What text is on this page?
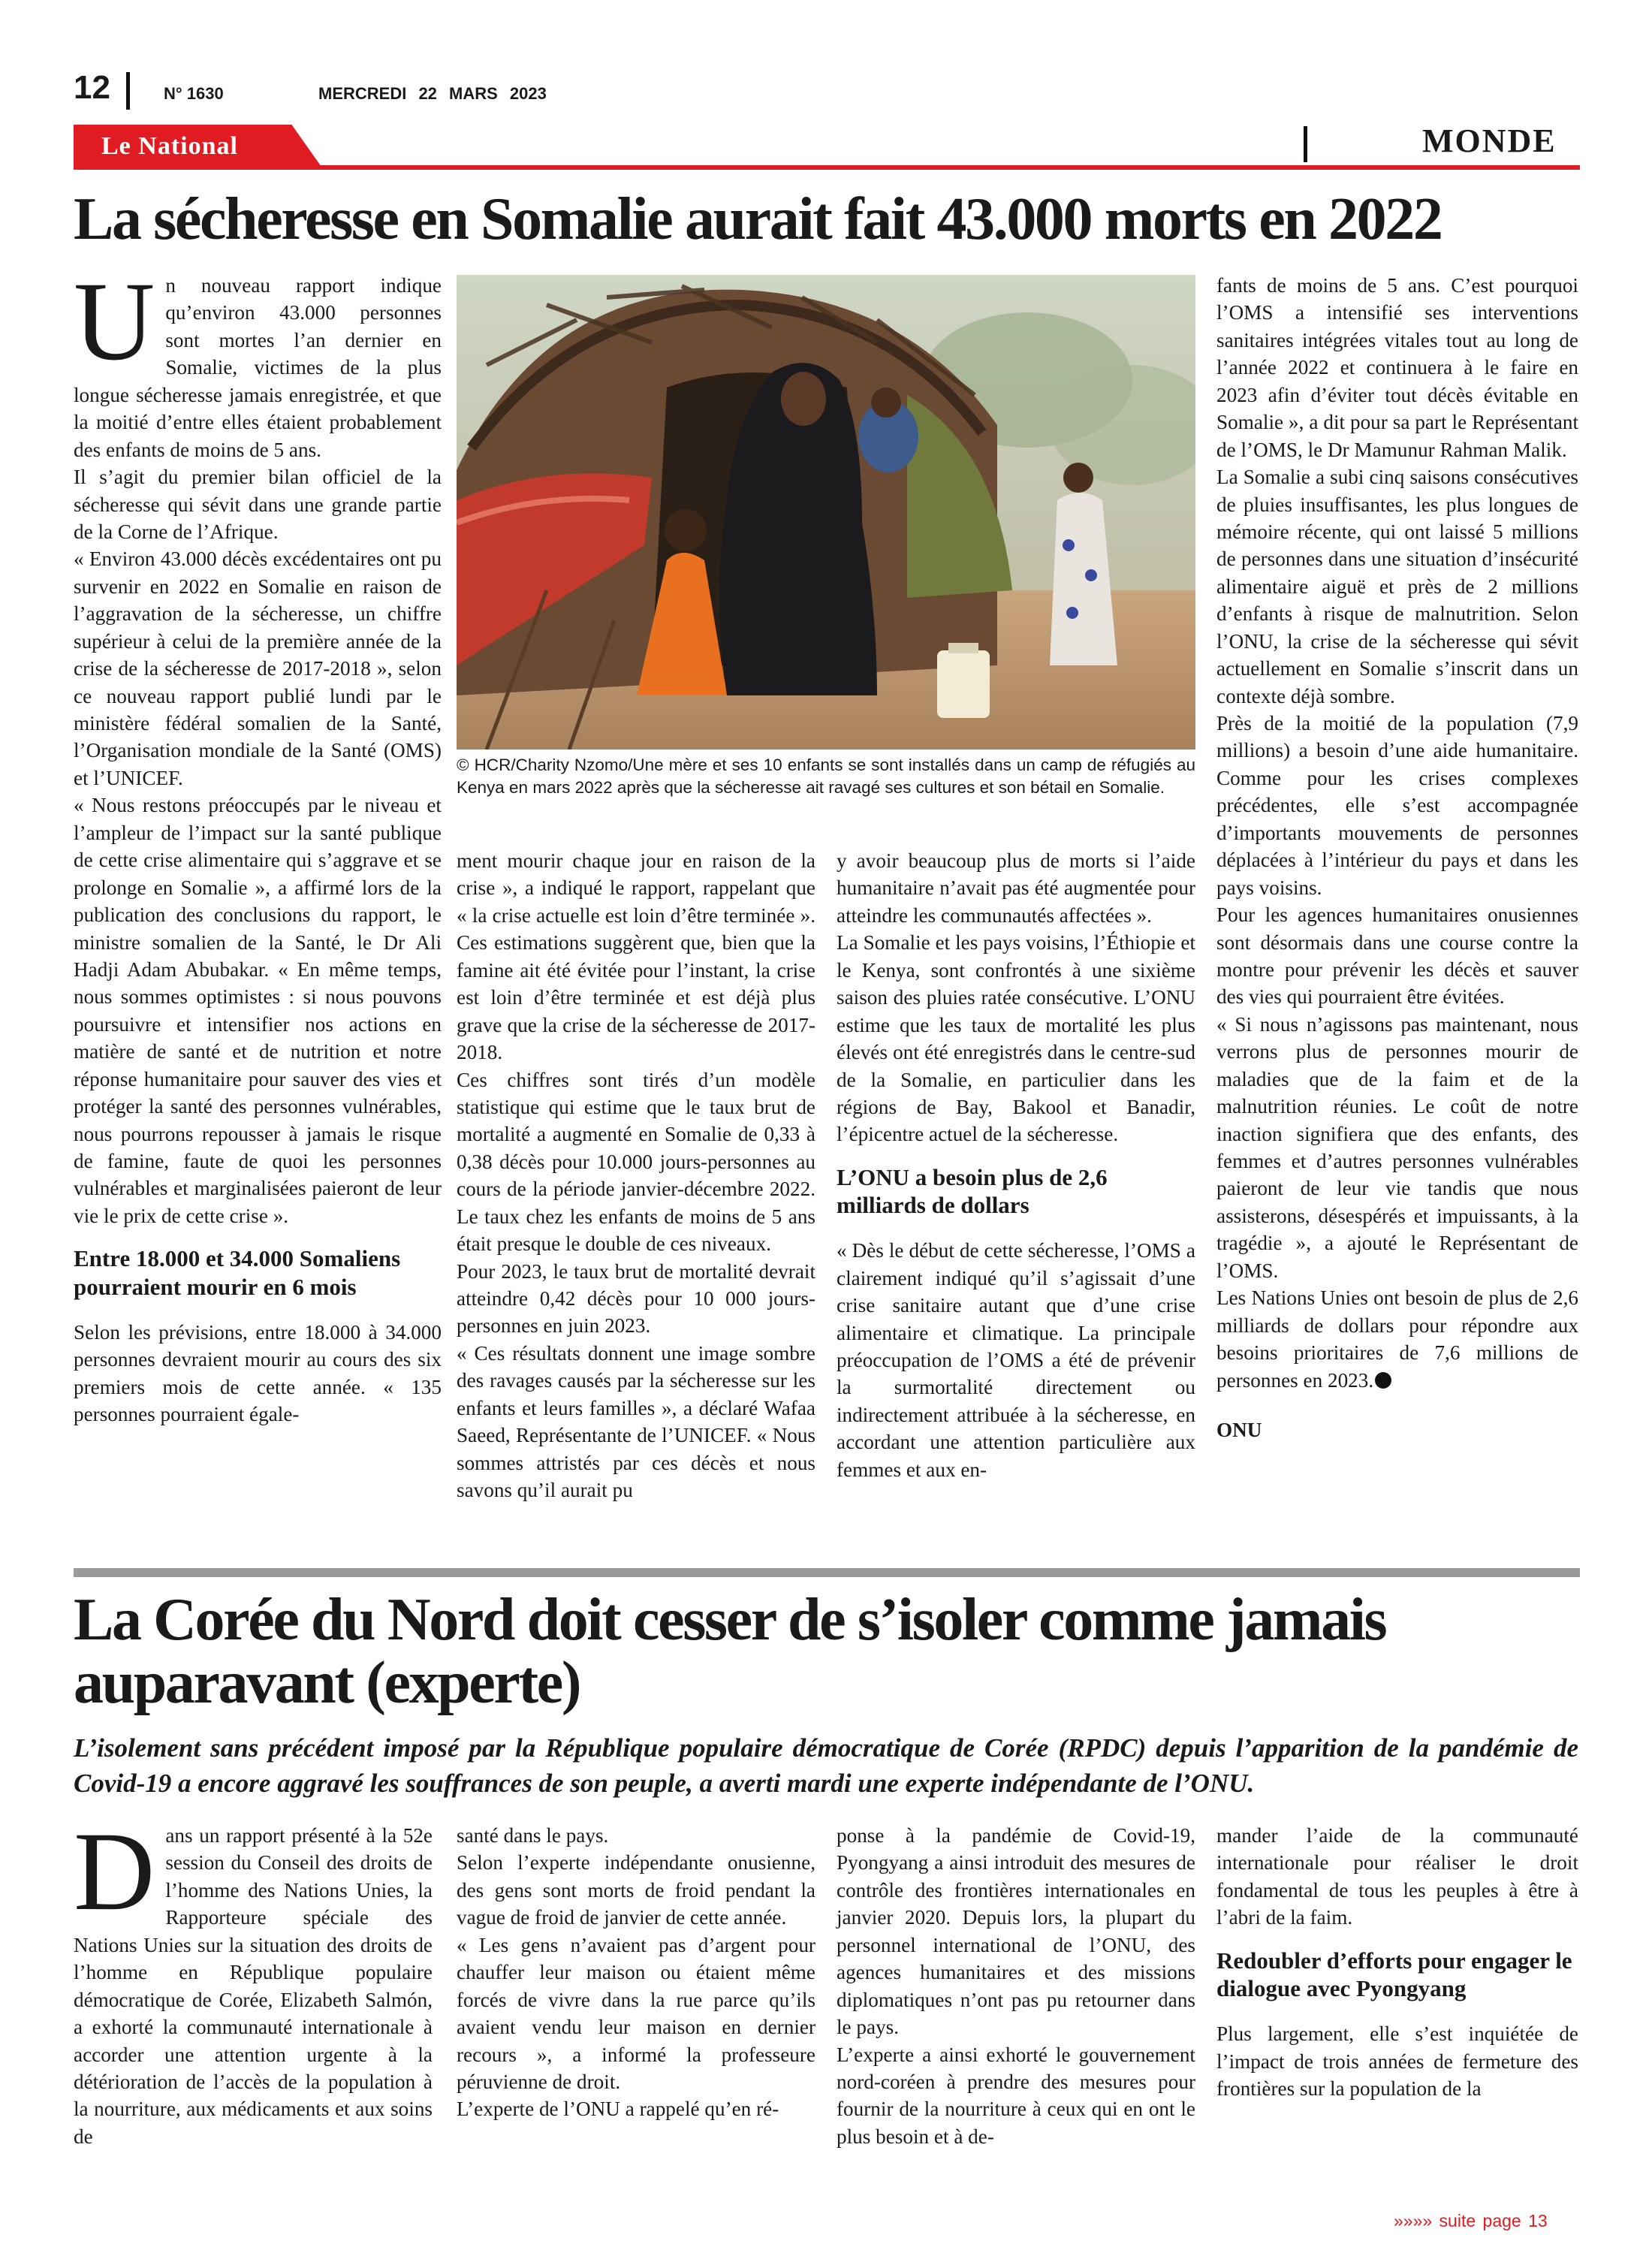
12	N° 1630	MERCREDI 22 MARS 2023
Le National	MONDE
La sécheresse en Somalie aurait fait 43.000 morts en 2022

Un nouveau rapport indique qu’environ 43.000 personnes sont mortes l’an dernier en Somalie, victimes de la plus longue sécheresse jamais enregistrée, et que la moitié d’entre elles étaient probablement des enfants de moins de 5 ans.

Il s’agit du premier bilan officiel de la sécheresse qui sévit dans une grande partie de la Corne de l’Afrique.

« Environ 43.000 décès excédentaires ont pu survenir en 2022 en Somalie en raison de l’aggravation de la sécheresse, un chiffre supérieur à celui de la première année de la crise de la sécheresse de 2017-2018 », selon ce nouveau rapport publié lundi par le ministère fédéral somalien de la Santé, l’Organisation mondiale de la Santé (OMS) et l’UNICEF.

« Nous restons préoccupés par le niveau et l’ampleur de l’impact sur la santé publique de cette crise alimentaire qui s’aggrave et se prolonge en Somalie », a affirmé lors de la publication des conclusions du rapport, le ministre somalien de la Santé, le Dr Ali Hadji Adam Abubakar. « En même temps, nous sommes optimistes : si nous pouvons poursuivre et intensifier nos actions en matière de santé et de nutrition et notre réponse humanitaire pour sauver des vies et protéger la santé des personnes vulnérables, nous pourrons repousser à jamais le risque de famine, faute de quoi les personnes vulnérables et marginalisées paieront de leur vie le prix de cette crise ».

Entre 18.000 et 34.000 Somaliens pourraient mourir en 6 mois

Selon les prévisions, entre 18.000 à 34.000 personnes devraient mourir au cours des six premiers mois de cette année. « 135 personnes pourraient égale-

© HCR/Charity Nzomo/Une mère et ses 10 enfants se sont installés dans un camp de réfugiés au Kenya en mars 2022 après que la sécheresse ait ravagé ses cultures et son bétail en Somalie.

ment mourir chaque jour en raison de la crise », a indiqué le rapport, rappelant que « la crise actuelle est loin d’être terminée ». Ces estimations suggèrent que, bien que la famine ait été évitée pour l’instant, la crise est loin d’être terminée et est déjà plus grave que la crise de la sécheresse de 2017-2018.

Ces chiffres sont tirés d’un modèle statistique qui estime que le taux brut de mortalité a augmenté en Somalie de 0,33 à 0,38 décès pour 10.000 jours-personnes au cours de la période janvier-décembre 2022. Le taux chez les enfants de moins de 5 ans était presque le double de ces niveaux.

Pour 2023, le taux brut de mortalité devrait atteindre 0,42 décès pour 10 000 jours-personnes en juin 2023.

« Ces résultats donnent une image sombre des ravages causés par la sécheresse sur les enfants et leurs familles », a déclaré Wafaa Saeed, Représentante de l’UNICEF. « Nous sommes attristés par ces décès et nous savons qu’il aurait pu

y avoir beaucoup plus de morts si l’aide humanitaire n’avait pas été augmentée pour atteindre les communautés affectées ».

La Somalie et les pays voisins, l’Éthiopie et le Kenya, sont confrontés à une sixième saison des pluies ratée consécutive. L’ONU estime que les taux de mortalité les plus élevés ont été enregistrés dans le centre-sud de la Somalie, en particulier dans les régions de Bay, Bakool et Banadir, l’épicentre actuel de la sécheresse.

L’ONU a besoin plus de 2,6 milliards de dollars

« Dès le début de cette sécheresse, l’OMS a clairement indiqué qu’il s’agissait d’une crise sanitaire autant que d’une crise alimentaire et climatique. La principale préoccupation de l’OMS a été de prévenir la surmortalité directement ou indirectement attribuée à la sécheresse, en accordant une attention particulière aux femmes et aux en-

fants de moins de 5 ans. C’est pourquoi l’OMS a intensifié ses interventions sanitaires intégrées vitales tout au long de l’année 2022 et continuera à le faire en 2023 afin d’éviter tout décès évitable en Somalie », a dit pour sa part le Représentant de l’OMS, le Dr Mamunur Rahman Malik.

La Somalie a subi cinq saisons consécutives de pluies insuffisantes, les plus longues de mémoire récente, qui ont laissé 5 millions de personnes dans une situation d’insécurité alimentaire aiguë et près de 2 millions d’enfants à risque de malnutrition. Selon l’ONU, la crise de la sécheresse qui sévit actuellement en Somalie s’inscrit dans un contexte déjà sombre.

Près de la moitié de la population (7,9 millions) a besoin d’une aide humanitaire. Comme pour les crises complexes précédentes, elle s’est accompagnée d’importants mouvements de personnes déplacées à l’intérieur du pays et dans les pays voisins.

Pour les agences humanitaires onusiennes sont désormais dans une course contre la montre pour prévenir les décès et sauver des vies qui pourraient être évitées.

« Si nous n’agissons pas maintenant, nous verrons plus de personnes mourir de maladies que de la faim et de la malnutrition réunies. Le coût de notre inaction signifiera que des enfants, des femmes et d’autres personnes vulnérables paieront de leur vie tandis que nous assisterons, désespérés et impuissants, à la tragédie », a ajouté le Représentant de l’OMS.

Les Nations Unies ont besoin de plus de 2,6 milliards de dollars pour répondre aux besoins prioritaires de 7,6 millions de personnes en 2023.

ONU

La Corée du Nord doit cesser de s’isoler comme jamais auparavant (experte)
L’isolement sans précédent imposé par la République populaire démocratique de Corée (RPDC) depuis l’apparition de la pandémie de Covid-19 a encore aggravé les souffrances de son peuple, a averti mardi une experte indépendante de l’ONU.

Dans un rapport présenté à la 52e session du Conseil des droits de l’homme des Nations Unies, la Rapporteure spéciale des Nations Unies sur la situation des droits de l’homme en République populaire démocratique de Corée, Elizabeth Salmón, a exhorté la communauté internationale à accorder une attention urgente à la détérioration de l’accès de la population à la nourriture, aux médicaments et aux soins de

santé dans le pays.

Selon l’experte indépendante onusienne, des gens sont morts de froid pendant la vague de froid de janvier de cette année.

« Les gens n’avaient pas d’argent pour chauffer leur maison ou étaient même forcés de vivre dans la rue parce qu’ils avaient vendu leur maison en dernier recours », a informé la professeure péruvienne de droit.

L’experte de l’ONU a rappelé qu’en ré-

ponse à la pandémie de Covid-19, Pyongyang a ainsi introduit des mesures de contrôle des frontières internationales en janvier 2020. Depuis lors, la plupart du personnel international de l’ONU, des agences humanitaires et des missions diplomatiques n’ont pas pu retourner dans le pays.

L’experte a ainsi exhorté le gouvernement nord-coréen à prendre des mesures pour fournir de la nourriture à ceux qui en ont le plus besoin et à de-

mander l’aide de la communauté internationale pour réaliser le droit fondamental de tous les peuples à être à l’abri de la faim.

Redoubler d’efforts pour engager le dialogue avec Pyongyang

Plus largement, elle s’est inquiétée de l’impact de trois années de fermeture des frontières sur la population de la

»»»» suite page 13
